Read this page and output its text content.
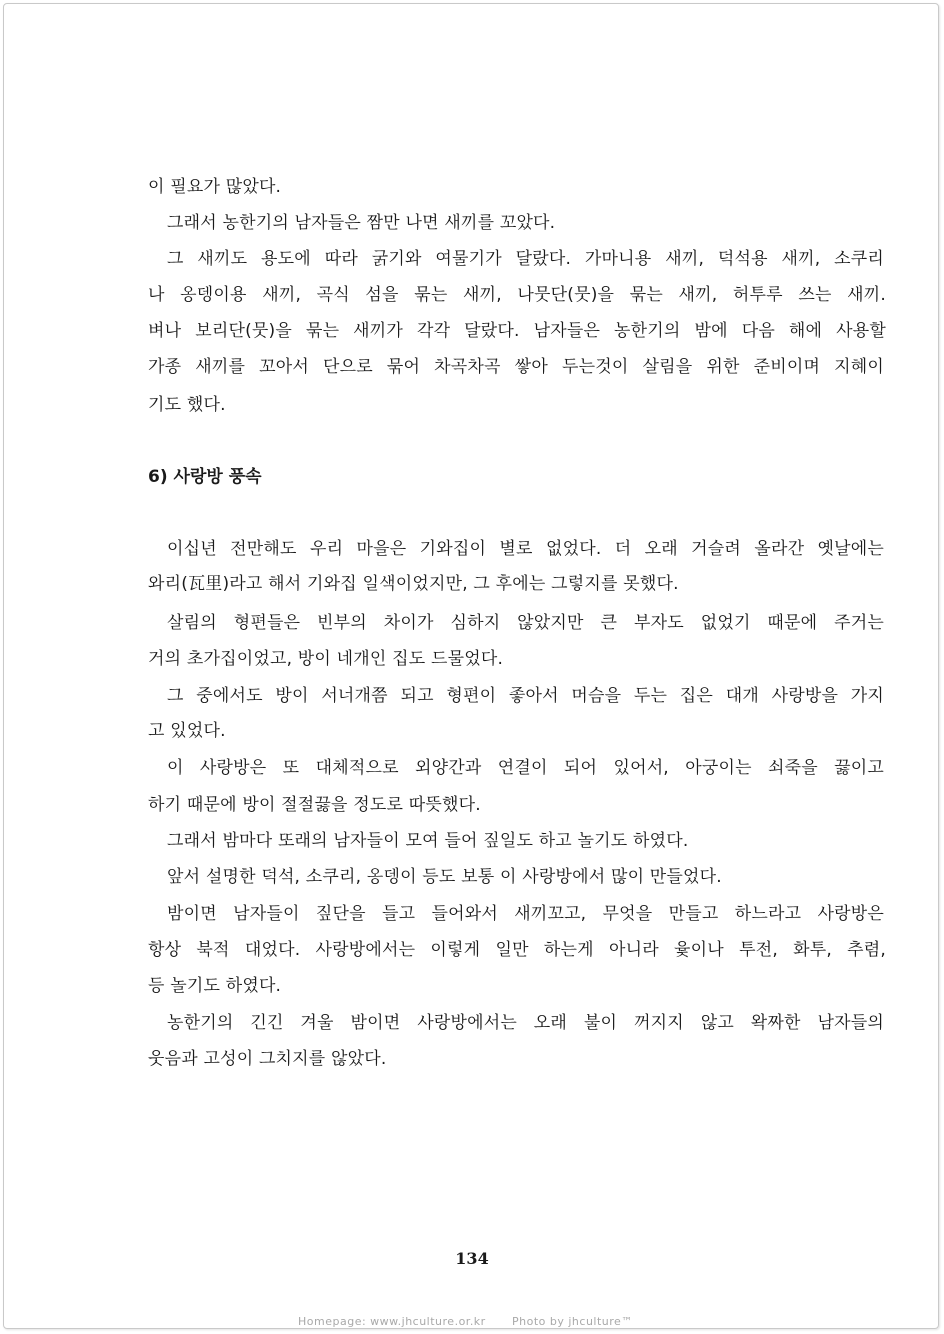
이 필요가 많았다.
그래서 농한기의 남자들은 짬만 나면 새끼를 꼬았다.
그 새끼도 용도에 따라 굵기와 여물기가 달랐다. 가마니용 새끼, 덕석용 새끼, 소쿠리
나 옹뎅이용 새끼, 곡식 섬을 묶는 새끼, 나뭇단(뭇)을 묶는 새끼, 허투루 쓰는 새끼.
벼나 보리단(뭇)을 묶는 새끼가 각각 달랐다. 남자들은 농한기의 밤에 다음 해에 사용할
가종 새끼를 꼬아서 단으로 묶어 차곡차곡 쌓아 두는것이 살림을 위한 준비이며 지혜이
기도 했다.
6) 사랑방 풍속
이십년 전만해도 우리 마을은 기와집이 별로 없었다. 더 오래 거슬려 올라간 옛날에는
와리(瓦里)라고 해서 기와집 일색이었지만, 그 후에는 그렇지를 못했다.
살림의 형편들은 빈부의 차이가 심하지 않았지만 큰 부자도 없었기 때문에 주거는
거의 초가집이었고, 방이 네개인 집도 드물었다.
그 중에서도 방이 서너개쯤 되고 형편이 좋아서 머슴을 두는 집은 대개 사랑방을 가지
고 있었다.
이 사랑방은 또 대체적으로 외양간과 연결이 되어 있어서, 아궁이는 쇠죽을 끓이고
하기 때문에 방이 절절끓을 정도로 따뜻했다.
그래서 밤마다 또래의 남자들이 모여 들어 짚일도 하고 놀기도 하였다.
앞서 설명한 덕석, 소쿠리, 옹뎅이 등도 보통 이 사랑방에서 많이 만들었다.
밤이면 남자들이 짚단을 들고 들어와서 새끼꼬고, 무엇을 만들고 하느라고 사랑방은
항상 북적 대었다. 사랑방에서는 이렇게 일만 하는게 아니라 윷이나 투전, 화투, 추렴,
등 놀기도 하였다.
농한기의 긴긴 겨울 밤이면 사랑방에서는 오래 불이 꺼지지 않고 왁짜한 남자들의
웃음과 고성이 그치지를 않았다.
134
Homepage: www.jhculture.or.kr Photo by jhculture™
